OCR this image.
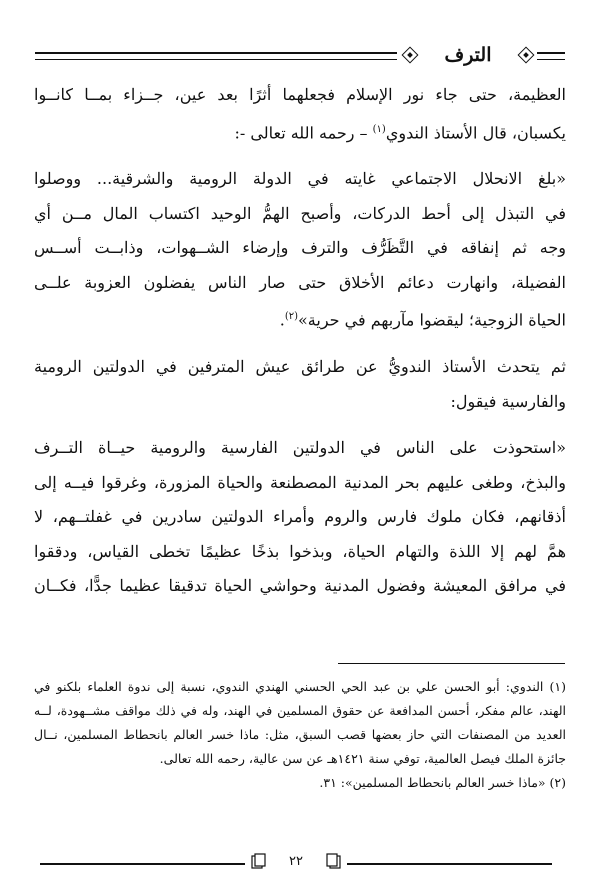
الترف

العظيمة، حتى جاء نور الإسلام فجعلهما أثرًا بعد عين، جــزاء بمــا كانــوا
يكسبان، قال الأستاذ الندوي$^{(١)}$ – رحمه الله تعالى -:

«بلغ الانحلال الاجتماعي غايته في الدولة الرومية والشرقية... ووصلوا
في التبذل إلى أحط الدركات، وأصبح الهمُّ الوحيد اكتساب المال مــن أي
وجه ثم إنفاقه في التَّظَرُّف والترف وإرضاء الشــهوات، وذابــت أســس
الفضيلة، وانهارت دعائم الأخلاق حتى صار الناس يفضلون العزوبة علــى
الحياة الزوجية؛ ليقضوا مآربهم في حرية»$^{(٢)}$.

ثم يتحدث الأستاذ الندويُّ عن طرائق عيش المترفين في الدولتين الرومية
والفارسية فيقول:

«استحوذت على الناس في الدولتين الفارسية والرومية حيــاة التــرف
والبذخ، وطغى عليهم بحر المدنية المصطنعة والحياة المزورة، وغرقوا فيــه إلى
أذقانهم، فكان ملوك فارس والروم وأمراء الدولتين سادرين في غفلتــهم، لا
همَّ لهم إلا اللذة والتهام الحياة، وبذخوا بذخًا عظيمًا تخطى القياس، ودققوا
في مرافق المعيشة وفضول المدنية وحواشي الحياة تدقيقا عظيما جدًّا، فكــان

(١) الندوي: أبو الحسن علي بن عبد الحي الحسني الهندي الندوي، نسبة إلى ندوة العلماء بلكنو في
الهند، عالم مفكر، أحسن المدافعة عن حقوق المسلمين في الهند، وله في ذلك مواقف مشــهودة، لــه
العديد من المصنفات التي حاز بعضها قصب السبق، مثل: ماذا خسر العالم بانحطاط المسلمين، نــال
جائزة الملك فيصل العالمية، توفي سنة ١٤٢١هـ عن سن عالية، رحمه الله تعالى.
(٢) «ماذا خسر العالم بانحطاط المسلمين»: ٣١.
٢٢
